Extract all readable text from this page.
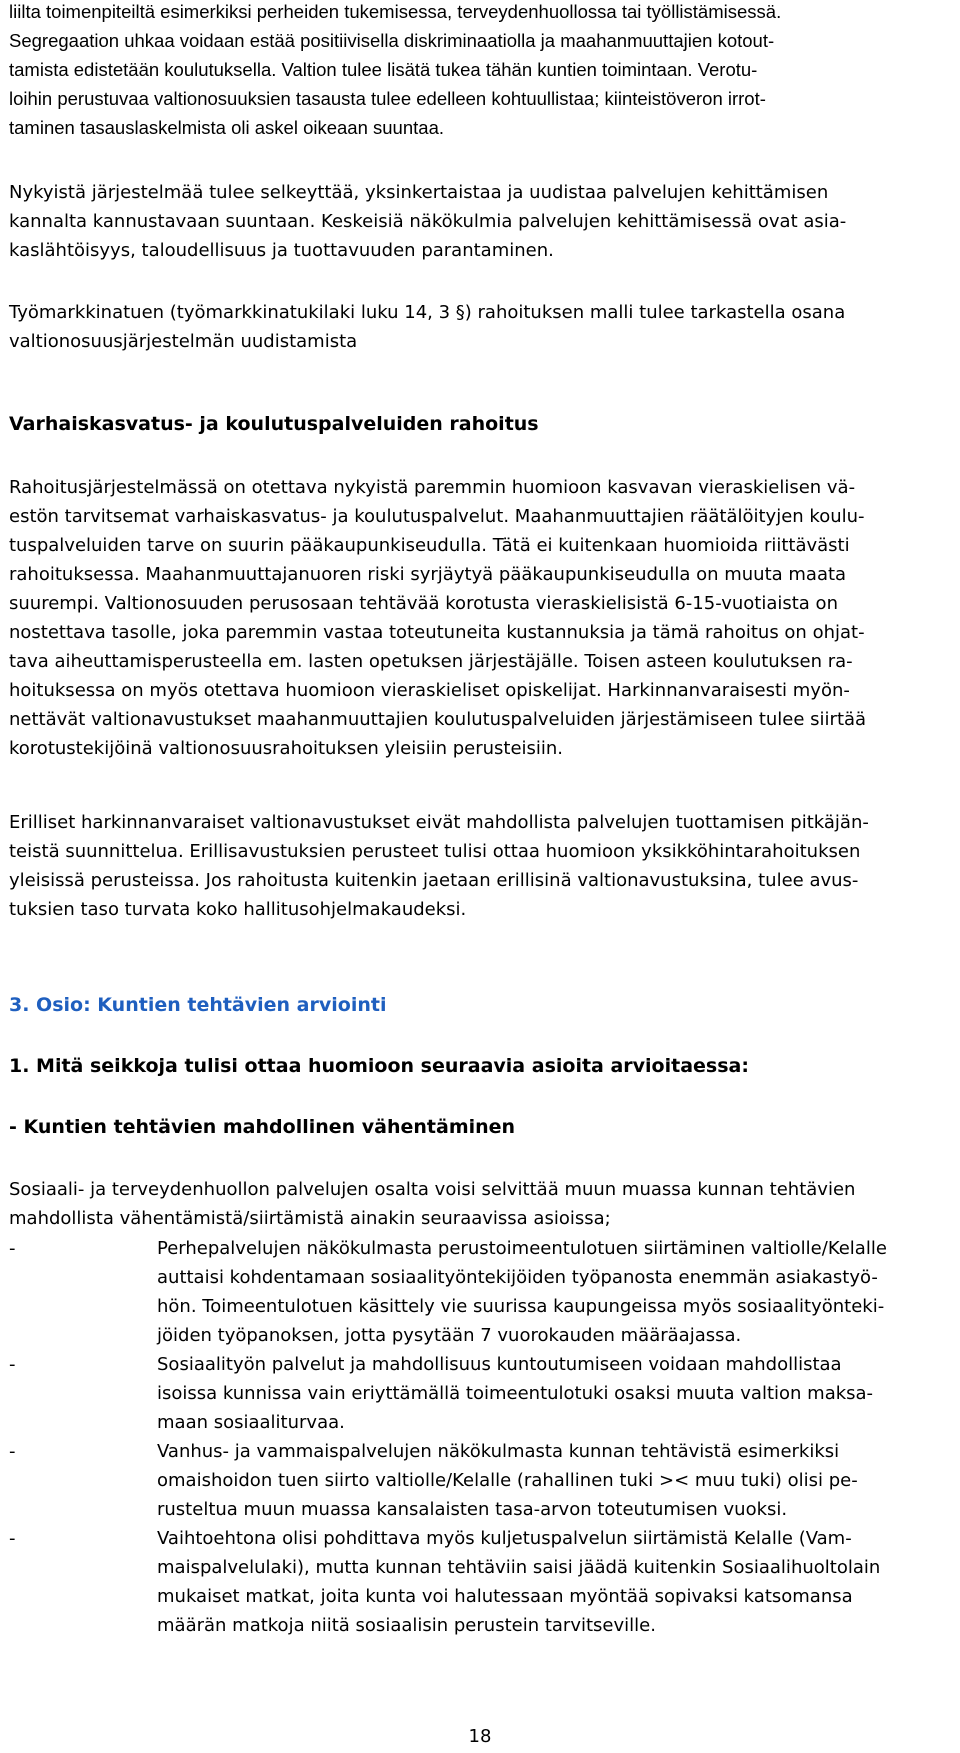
liilta toimenpiteiltä esimerkiksi perheiden tukemisessa, terveydenhuollossa tai työllistämisessä.
Segregaation uhkaa voidaan estää positiivisella diskriminaatiolla ja maahanmuuttajien kotout-
tamista edistetään koulutuksella. Valtion tulee lisätä tukea tähän kuntien toimintaan. Verotu-
loihin perustuvaa valtionosuuksien tasausta tulee edelleen kohtuullistaa; kiinteistöveron irrot-
taminen tasauslaskelmista oli askel oikeaan suuntaa.
Nykyistä järjestelmää tulee selkeyttää, yksinkertaistaa ja uudistaa palvelujen kehittämisen
kannalta kannustavaan suuntaan. Keskeisiä näkökulmia palvelujen kehittämisessä ovat asia-
kaslähtöisyys, taloudellisuus ja tuottavuuden parantaminen.
Työmarkkinatuen (työmarkkinatukilaki luku 14, 3 §) rahoituksen malli tulee tarkastella osana
valtionosuusjärjestelmän uudistamista
Varhaiskasvatus- ja koulutuspalveluiden rahoitus
Rahoitusjärjestelmässä on otettava nykyistä paremmin huomioon kasvavan vieraskielisen vä-
estön tarvitsemat varhaiskasvatus- ja koulutuspalvelut. Maahanmuuttajien räätälöityjen koulu-
tuspalveluiden tarve on suurin pääkaupunkiseudulla. Tätä ei kuitenkaan huomioida riittävästi
rahoituksessa. Maahanmuuttajanuoren riski syrjäytyä pääkaupunkiseudulla on muuta maata
suurempi. Valtionosuuden perusosaan tehtävää korotusta vieraskielisistä 6-15-vuotiaista on
nostettava tasolle, joka paremmin vastaa toteutuneita kustannuksia ja tämä rahoitus on ohjat-
tava aiheuttamisperusteella em. lasten opetuksen järjestäjälle. Toisen asteen koulutuksen ra-
hoituksessa on myös otettava huomioon vieraskieliset opiskelijat. Harkinnanvaraisesti myön-
nettävät valtionavustukset maahanmuuttajien koulutuspalveluiden järjestämiseen tulee siirtää
korotustekijöinä valtionosuusrahoituksen yleisiin perusteisiin.
Erilliset harkinnanvaraiset valtionavustukset eivät mahdollista palvelujen tuottamisen pitkäjän-
teistä suunnittelua. Erillisavustuksien perusteet tulisi ottaa huomioon yksikköhintarahoituksen
yleisissä perusteissa. Jos rahoitusta kuitenkin jaetaan erillisinä valtionavustuksina, tulee avus-
tuksien taso turvata koko hallitusohjelmakaudeksi.
3. Osio: Kuntien tehtävien arviointi
1. Mitä seikkoja tulisi ottaa huomioon seuraavia asioita arvioitaessa:
- Kuntien tehtävien mahdollinen vähentäminen
Sosiaali- ja terveydenhuollon palvelujen osalta voisi selvittää muun muassa kunnan tehtävien
mahdollista vähentämistä/siirtämistä ainakin seuraavissa asioissa;
-	Perhepalvelujen näkökulmasta perustoimeentulotuen siirtäminen valtiolle/Kelalle
auttaisi kohdentamaan sosiaalityöntekijöiden työpanosta enemmän asiakastyö-
hön. Toimeentulotuen käsittely vie suurissa kaupungeissa myös sosiaalityönteki-
jöiden työpanoksen, jotta pysytään 7 vuorokauden määräajassa.
-	Sosiaalityön palvelut ja mahdollisuus kuntoutumiseen voidaan mahdollistaa
isoissa kunnissa vain eriyttämällä toimeentulotuki osaksi muuta valtion maksa-
maan sosiaaliturvaa.
-	Vanhus- ja vammaispalvelujen näkökulmasta kunnan tehtävistä esimerkiksi
omaishoidon tuen siirto valtiolle/Kelalle (rahallinen tuki >< muu tuki) olisi pe-
rusteltua muun muassa kansalaisten tasa-arvon toteutumisen vuoksi.
-	Vaihtoehtona olisi pohdittava myös kuljetuspalvelun siirtämistä Kelalle (Vam-
maispalvelulaki), mutta kunnan tehtäviin saisi jäädä kuitenkin Sosiaalihuoltolain
mukaiset matkat, joita kunta voi halutessaan myöntää sopivaksi katsomansa
määrän matkoja niitä sosiaalisin perustein tarvitseville.
18
